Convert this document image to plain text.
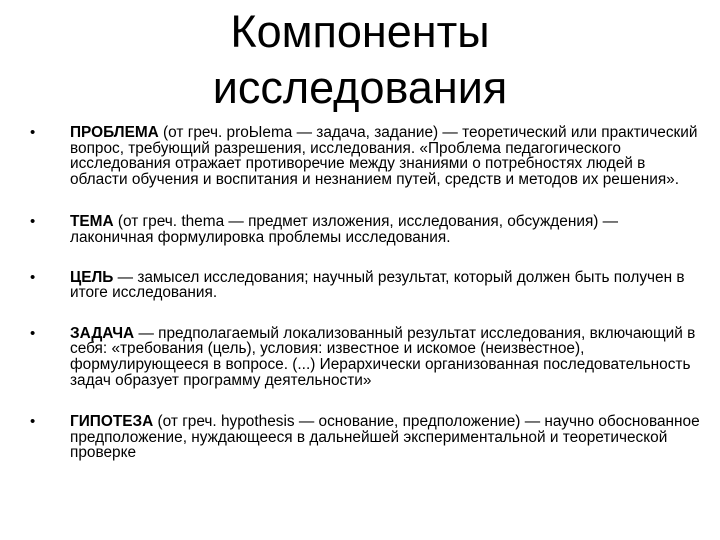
Компоненты
исследования
• ПРОБЛЕМА (от греч. proЫema — задача, задание) — теоретический или практический вопрос, требующий разрешения, исследования. «Проблема педагогического исследования отражает противоречие между знаниями о потребностях людей в области обучения и воспитания и незнанием путей, средств и методов их решения».
• ТЕМА (от греч. thema — предмет изложения, исследования, обсуждения) — лаконичная формулировка проблемы исследования.
• ЦЕЛЬ — замысел исследования; научный результат, который должен быть получен в итоге исследования.
• ЗАДАЧА — предполагаемый локализованный результат исследования, включающий в себя: «требования (цель), условия: известное и искомое (неизвестное), формулирующееся в вопросе. (...) Иерархически организованная последовательность задач образует программу деятельности»
• ГИПОТЕЗА (от греч. hypothesis — основание, предположение) — научно обоснованное предположение, нуждающееся в дальнейшей экспериментальной и теоретической проверке
